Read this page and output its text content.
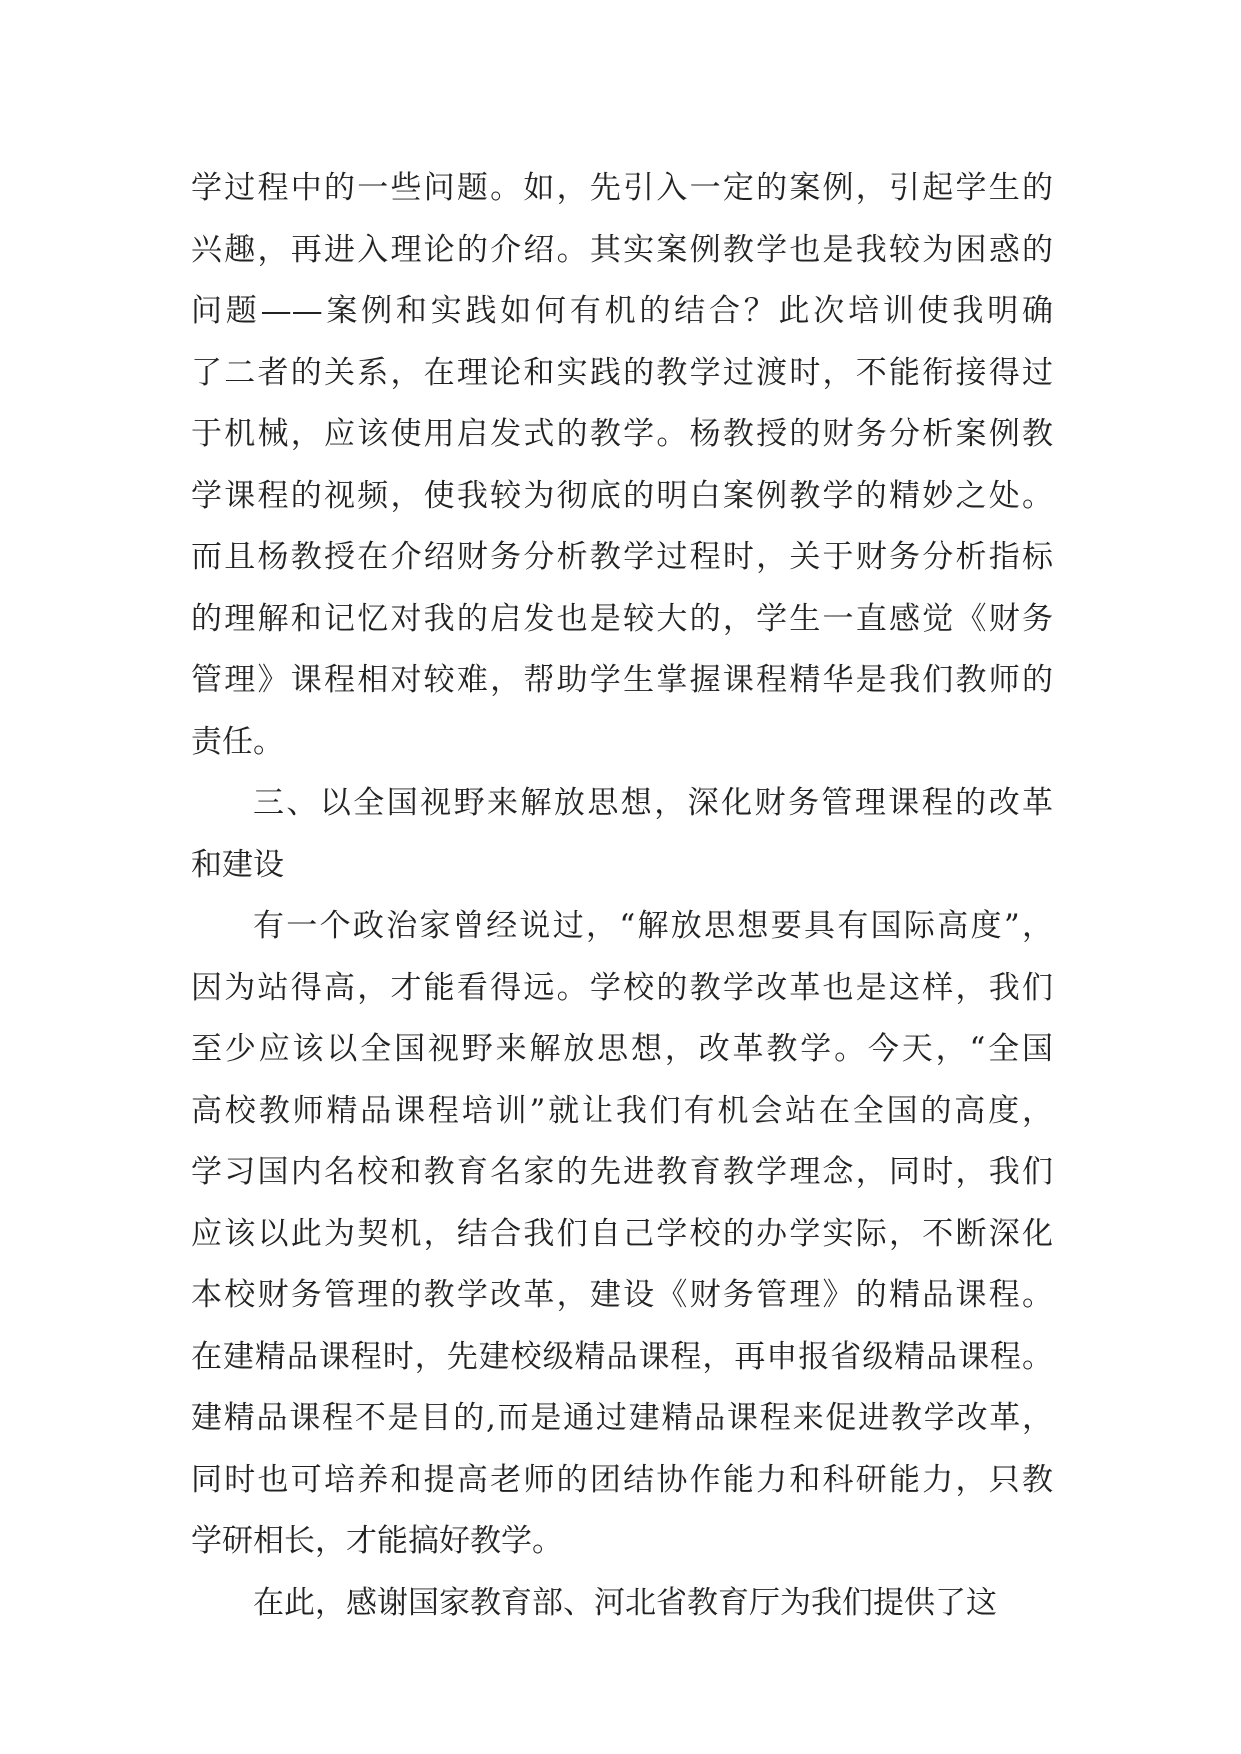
学过程中的一些问题。如，先引入一定的案例，引起学生的
兴趣，再进入理论的介绍。其实案例教学也是我较为困惑的
问题——案例和实践如何有机的结合？此次培训使我明确
了二者的关系，在理论和实践的教学过渡时，不能衔接得过
于机械，应该使用启发式的教学。杨教授的财务分析案例教
学课程的视频，使我较为彻底的明白案例教学的精妙之处。
而且杨教授在介绍财务分析教学过程时，关于财务分析指标
的理解和记忆对我的启发也是较大的，学生一直感觉《财务
管理》课程相对较难，帮助学生掌握课程精华是我们教师的
责任。
三、以全国视野来解放思想，深化财务管理课程的改革
和建设
有一个政治家曾经说过，“解放思想要具有国际高度”，
因为站得高，才能看得远。学校的教学改革也是这样，我们
至少应该以全国视野来解放思想，改革教学。今天，“全国
高校教师精品课程培训”就让我们有机会站在全国的高度，
学习国内名校和教育名家的先进教育教学理念，同时，我们
应该以此为契机，结合我们自己学校的办学实际，不断深化
本校财务管理的教学改革，建设《财务管理》的精品课程。
在建精品课程时，先建校级精品课程，再申报省级精品课程。
建精品课程不是目的,而是通过建精品课程来促进教学改革，
同时也可培养和提高老师的团结协作能力和科研能力，只教
学研相长，才能搞好教学。
在此，感谢国家教育部、河北省教育厅为我们提供了这
